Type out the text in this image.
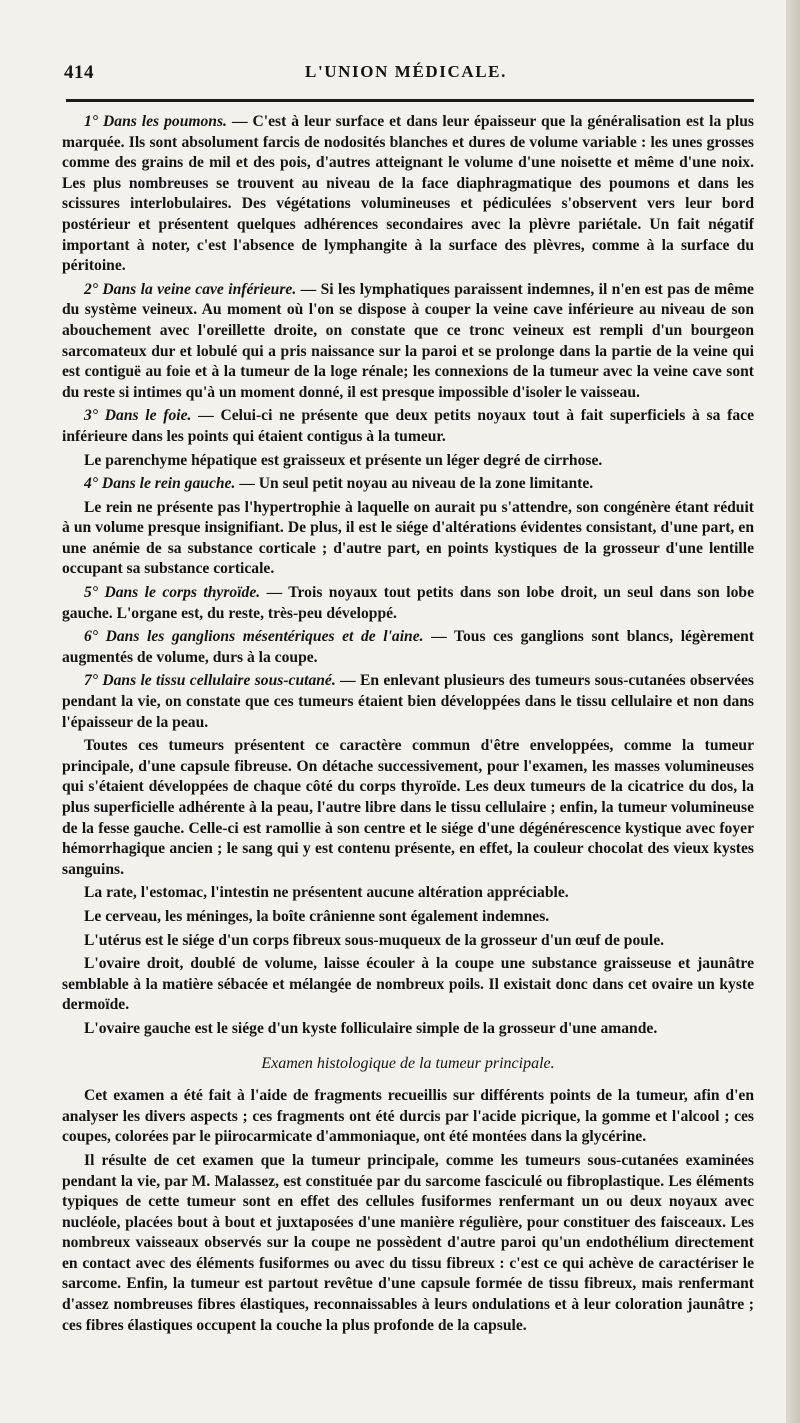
414	L'UNION MÉDICALE.

1° Dans les poumons. — C'est à leur surface et dans leur épaisseur que la généralisation est la plus marquée. Ils sont absolument farcis de nodosités blanches et dures de volume variable : les unes grosses comme des grains de mil et des pois, d'autres atteignant le volume d'une noisette et même d'une noix. Les plus nombreuses se trouvent au niveau de la face diaphragmatique des poumons et dans les scissures interlobulaires. Des végétations volumineuses et pédiculées s'observent vers leur bord postérieur et présentent quelques adhérences secondaires avec la plèvre pariétale. Un fait négatif important à noter, c'est l'absence de lymphangite à la surface des plèvres, comme à la surface du péritoine.

2° Dans la veine cave inférieure. — Si les lymphatiques paraissent indemnes, il n'en est pas de même du système veineux. Au moment où l'on se dispose à couper la veine cave inférieure au niveau de son abouchement avec l'oreillette droite, on constate que ce tronc veineux est rempli d'un bourgeon sarcomateux dur et lobulé qui a pris naissance sur la paroi et se prolonge dans la partie de la veine qui est contiguë au foie et à la tumeur de la loge rénale; les connexions de la tumeur avec la veine cave sont du reste si intimes qu'à un moment donné, il est presque impossible d'isoler le vaisseau.

3° Dans le foie. — Celui-ci ne présente que deux petits noyaux tout à fait superficiels à sa face inférieure dans les points qui étaient contigus à la tumeur.

Le parenchyme hépatique est graisseux et présente un léger degré de cirrhose.

4° Dans le rein gauche. — Un seul petit noyau au niveau de la zone limitante.

Le rein ne présente pas l'hypertrophie à laquelle on aurait pu s'attendre, son congénère étant réduit à un volume presque insignifiant. De plus, il est le siége d'altérations évidentes consistant, d'une part, en une anémie de sa substance corticale ; d'autre part, en points kystiques de la grosseur d'une lentille occupant sa substance corticale.

5° Dans le corps thyroïde. — Trois noyaux tout petits dans son lobe droit, un seul dans son lobe gauche. L'organe est, du reste, très-peu développé.

6° Dans les ganglions mésentériques et de l'aine. — Tous ces ganglions sont blancs, légèrement augmentés de volume, durs à la coupe.

7° Dans le tissu cellulaire sous-cutané. — En enlevant plusieurs des tumeurs sous-cutanées observées pendant la vie, on constate que ces tumeurs étaient bien développées dans le tissu cellulaire et non dans l'épaisseur de la peau.

Toutes ces tumeurs présentent ce caractère commun d'être enveloppées, comme la tumeur principale, d'une capsule fibreuse. On détache successivement, pour l'examen, les masses volumineuses qui s'étaient développées de chaque côté du corps thyroïde. Les deux tumeurs de la cicatrice du dos, la plus superficielle adhérente à la peau, l'autre libre dans le tissu cellulaire ; enfin, la tumeur volumineuse de la fesse gauche. Celle-ci est ramollie à son centre et le siége d'une dégénérescence kystique avec foyer hémorrhagique ancien ; le sang qui y est contenu présente, en effet, la couleur chocolat des vieux kystes sanguins.

La rate, l'estomac, l'intestin ne présentent aucune altération appréciable.

Le cerveau, les méninges, la boîte crânienne sont également indemnes.

L'utérus est le siége d'un corps fibreux sous-muqueux de la grosseur d'un œuf de poule.

L'ovaire droit, doublé de volume, laisse écouler à la coupe une substance graisseuse et jaunâtre semblable à la matière sébacée et mélangée de nombreux poils. Il existait donc dans cet ovaire un kyste dermoïde.

L'ovaire gauche est le siége d'un kyste folliculaire simple de la grosseur d'une amande.

Examen histologique de la tumeur principale.

Cet examen a été fait à l'aide de fragments recueillis sur différents points de la tumeur, afin d'en analyser les divers aspects ; ces fragments ont été durcis par l'acide picrique, la gomme et l'alcool ; ces coupes, colorées par le piirocarmicate d'ammoniaque, ont été montées dans la glycérine.

Il résulte de cet examen que la tumeur principale, comme les tumeurs sous-cutanées examinées pendant la vie, par M. Malassez, est constituée par du sarcome fasciculé ou fibroplastique. Les éléments typiques de cette tumeur sont en effet des cellules fusiformes renfermant un ou deux noyaux avec nucléole, placées bout à bout et juxtaposées d'une manière régulière, pour constituer des faisceaux. Les nombreux vaisseaux observés sur la coupe ne possèdent d'autre paroi qu'un endothélium directement en contact avec des éléments fusiformes ou avec du tissu fibreux : c'est ce qui achève de caractériser le sarcome. Enfin, la tumeur est partout revêtue d'une capsule formée de tissu fibreux, mais renfermant d'assez nombreuses fibres élastiques, reconnaissables à leurs ondulations et à leur coloration jaunâtre ; ces fibres élastiques occupent la couche la plus profonde de la capsule.
